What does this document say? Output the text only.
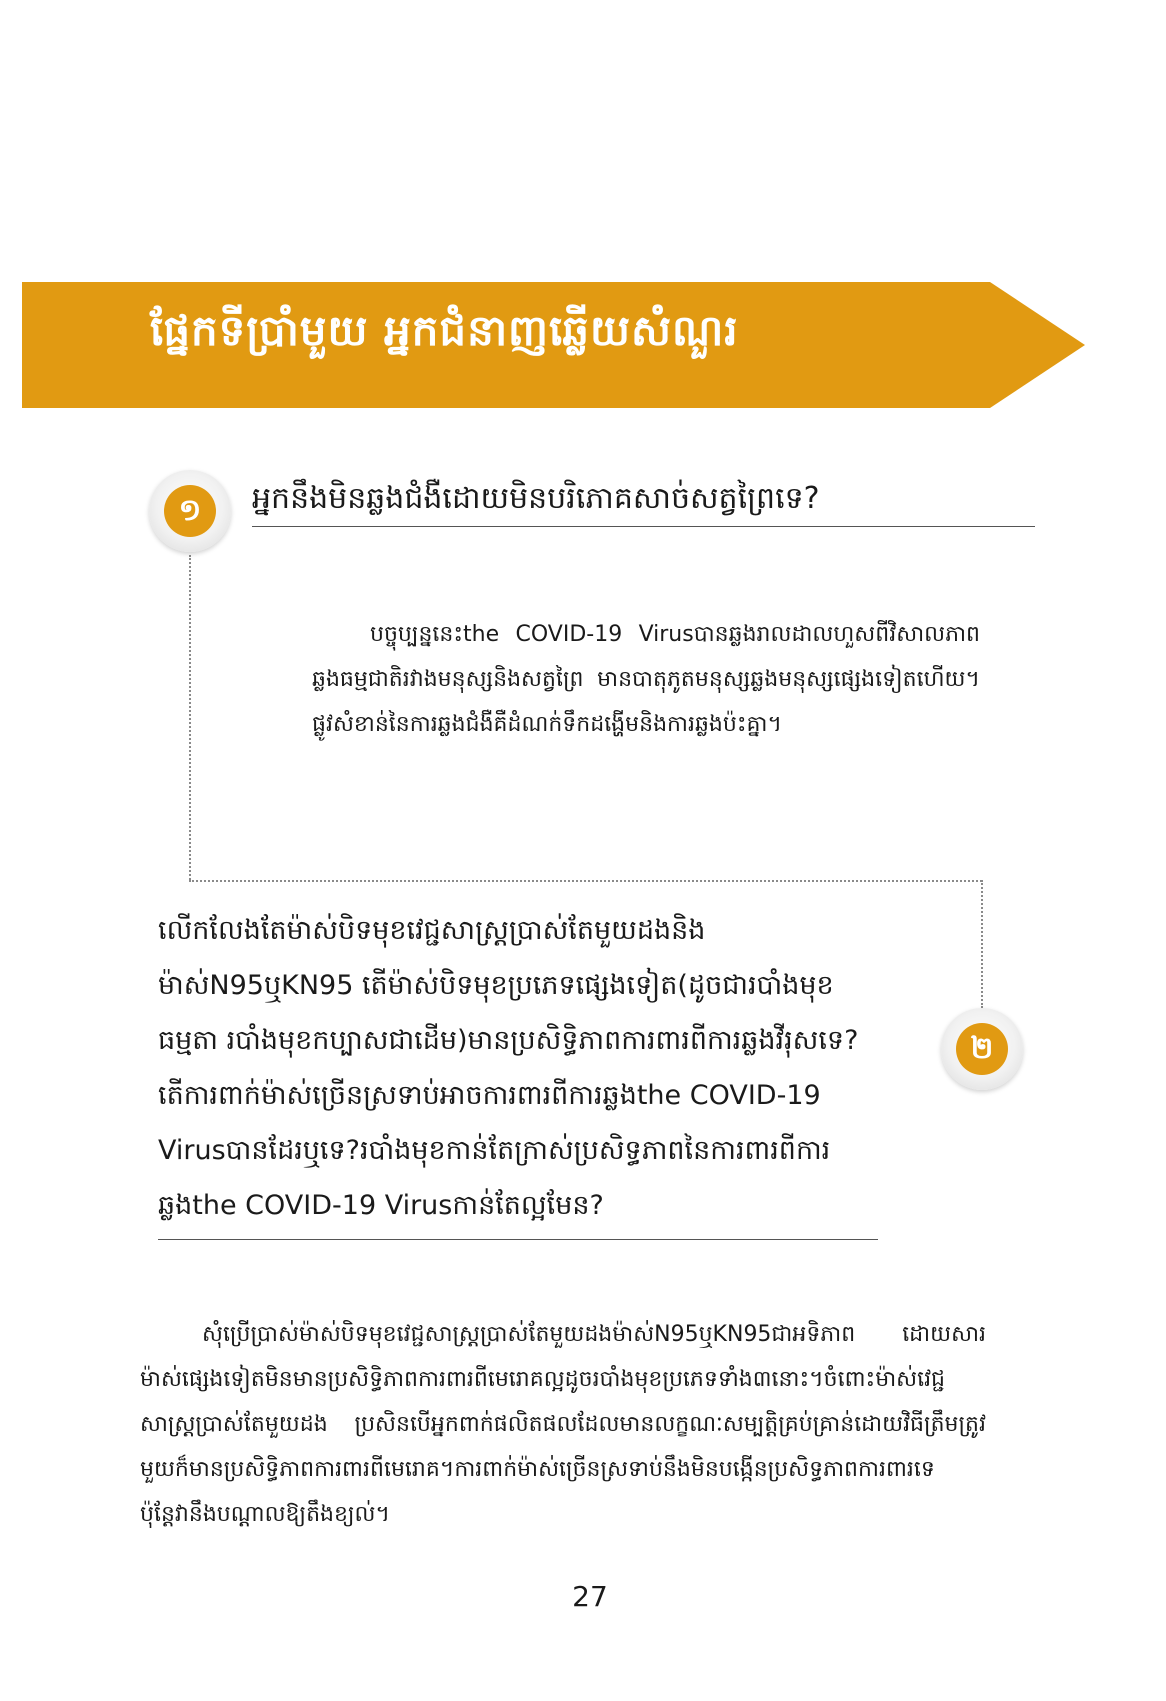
ផ្នែកទីប្រាំមួយ អ្នកជំនាញឆ្លើយសំណួរ
១	អ្នកនឹងមិនឆ្លងជំងឺដោយមិនបរិភោគសាច់សត្វព្រៃទេ?
បច្ចុប្បន្ននេះthe COVID-19 Virusបានឆ្លងរាលដាលហួសពីវិសាលភាពឆ្លងធម្មជាតិរវាងមនុស្សនិងសត្វព្រៃ មានបាតុភូតមនុស្សឆ្លងមនុស្សផ្សេងទៀតហើយ។ផ្លូវសំខាន់នៃការឆ្លងជំងឺគឺដំណក់ទឹកដង្ហើមនិងការឆ្លងប៉ះគ្នា។
លើកលែងតែម៉ាស់បិទមុខវេជ្ជសាស្ត្រប្រាស់តែមួយដងនិងម៉ាស់N95ឬKN95 តើម៉ាស់បិទមុខប្រភេទផ្សេងទៀត(ដូចជារបាំងមុខធម្មតា របាំងមុខកប្បាសជាដើម)មានប្រសិទ្ធិភាពការពារពីការឆ្លងវីរុសទេ?តើការពាក់ម៉ាស់ច្រើនស្រទាប់អាចការពារពីការឆ្លងthe COVID-19 Virusបានដែរឬទេ?របាំងមុខកាន់តែក្រាស់ប្រសិទ្ធភាពនៃការពារពីការឆ្លងthe COVID-19 Virusកាន់តែល្អមែន?
២
សុំប្រើប្រាស់ម៉ាស់បិទមុខវេជ្ជសាស្ត្រប្រាស់តែមួយដងម៉ាស់N95ឬKN95ជាអទិភាព ដោយសារម៉ាស់ផ្សេងទៀតមិនមានប្រសិទ្ធិភាពការពារពីមេរោគល្អដូចរបាំងមុខប្រភេទទាំង៣នោះ។ចំពោះម៉ាស់វេជ្ជសាស្ត្រប្រាស់តែមួយដង ប្រសិនបើអ្នកពាក់ផលិតផលដែលមានលក្ខណៈសម្បត្តិគ្រប់គ្រាន់ដោយវិធីត្រឹមត្រូវ មួយក៏មានប្រសិទ្ធិភាពការពារពីមេរោគ។ការពាក់ម៉ាស់ច្រើនស្រទាប់នឹងមិនបង្កើនប្រសិទ្ធភាពការពារទេ ប៉ុន្តែវានឹងបណ្តាលឱ្យតឹងខ្យល់។
27
